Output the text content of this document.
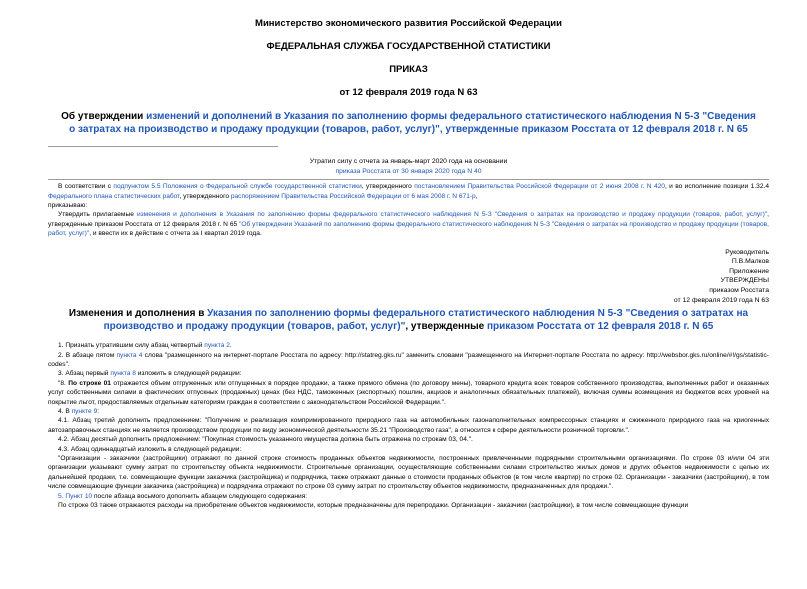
Министерство экономического развития Российской Федерации
ФЕДЕРАЛЬНАЯ СЛУЖБА ГОСУДАРСТВЕННОЙ СТАТИСТИКИ
ПРИКАЗ
от 12 февраля 2019 года N 63
Об утверждении изменений и дополнений в Указания по заполнению формы федерального статистического наблюдения N 5-З "Сведения о затратах на производство и продажу продукции (товаров, работ, услуг)", утвержденные приказом Росстата от 12 февраля 2018 г. N 65
Утратил силу с отчета за январь-март 2020 года на основании
приказа Росстата от 30 января 2020 года N 40

В соответствии с подпунктом 5.5 Положения о Федеральной службе государственной статистики, утвержденного постановлением Правительства Российской Федерации от 2 июня 2008 г. N 420, и во исполнение позиции 1.32.4 Федерального плана статистических работ, утвержденного распоряжением Правительства Российской Федерации от 6 мая 2008 г. N 671-р,

приказываю:

Утвердить прилагаемые изменения и дополнения в Указания по заполнению формы федерального статистического наблюдения N 5-З "Сведения о затратах на производство и продажу продукции (товаров, работ, услуг)", утвержденные приказом Росстата от 12 февраля 2018 г. N 65 "Об утверждении Указаний по заполнению формы федерального статистического наблюдения N 5-З "Сведения о затратах на производство и продажу продукции (товаров, работ, услуг)", и ввести их в действие с отчета за I квартал 2019 года.

Руководитель
П.В.Малков
Приложение
УТВЕРЖДЕНЫ
приказом Росстата
от 12 февраля 2019 года N 63
Изменения и дополнения в Указания по заполнению формы федерального статистического наблюдения N 5-З "Сведения о затратах на производство и продажу продукции (товаров, работ, услуг)", утвержденные приказом Росстата от 12 февраля 2018 г. N 65

1. Признать утратившим силу абзац четвертый пункта 2.

2. В абзаце пятом пункта 4 слова "размещенного на интернет-портале Росстата по адресу: http://statreg.gks.ru" заменить словами "размещенного на Интернет-портале Росстата по адресу: http://websbor.gks.ru/online/#!/gs/statistic-codes".

3. Абзац первый пункта 8 изложить в следующей редакции:

"8. По строке 01 отражается объем отгруженных или отпущенных в порядке продажи, а также прямого обмена (по договору мены), товарного кредита всех товаров собственного производства, выполненных работ и оказанных услуг собственными силами в фактических отпускных (продажных) ценах (без НДС, таможенных (экспортных) пошлин, акцизов и аналогичных обязательных платежей), включая суммы возмещения из бюджетов всех уровней на покрытие льгот, предоставляемых отдельным категориям граждан в соответствии с законодательством Российской Федерации.".

4. В пункте 9:

4.1. Абзац третий дополнить предложением: "Получение и реализация компримированного природного газа на автомобильных газонаполнительных компрессорных станциях и сжиженного природного газа на криогенных автозаправочных станциях не является производством продукции по виду экономической деятельности 35.21 "Производство газа", а относится к сфере деятельности розничной торговли.".

4.2. Абзац десятый дополнить предложением: "Покупная стоимость указанного имущества должна быть отражена по строкам 03, 04.".

4.3. Абзац одиннадцатый изложить в следующей редакции:

"Организации - заказчики (застройщики) отражают по данной строке стоимость проданных объектов недвижимости, построенных привлеченными подрядными строительными организациями. По строке 03 и/или 04 эти организации указывают сумму затрат по строительству объекта недвижимости. Строительные организации, осуществляющие собственными силами строительство жилых домов и других объектов недвижимости с целью их дальнейшей продажи, т.е. совмещающие функции заказчика (застройщика) и подрядчика, также отражают данные о стоимости проданных объектов (в том числе квартир) по строке 02. Организации - заказчики (застройщики), в том числе совмещающие функции заказчика (застройщика) и подрядчика отражают по строке 03 сумму затрат по строительству объектов недвижимости, предназначенных для продажи.".

5. Пункт 10 после абзаца восьмого дополнить абзацем следующего содержания:

По строке 03 также отражаются расходы на приобретение объектов недвижимости, которые предназначены для перепродажи. Организации - заказчики (застройщики), в том числе совмещающие функции
